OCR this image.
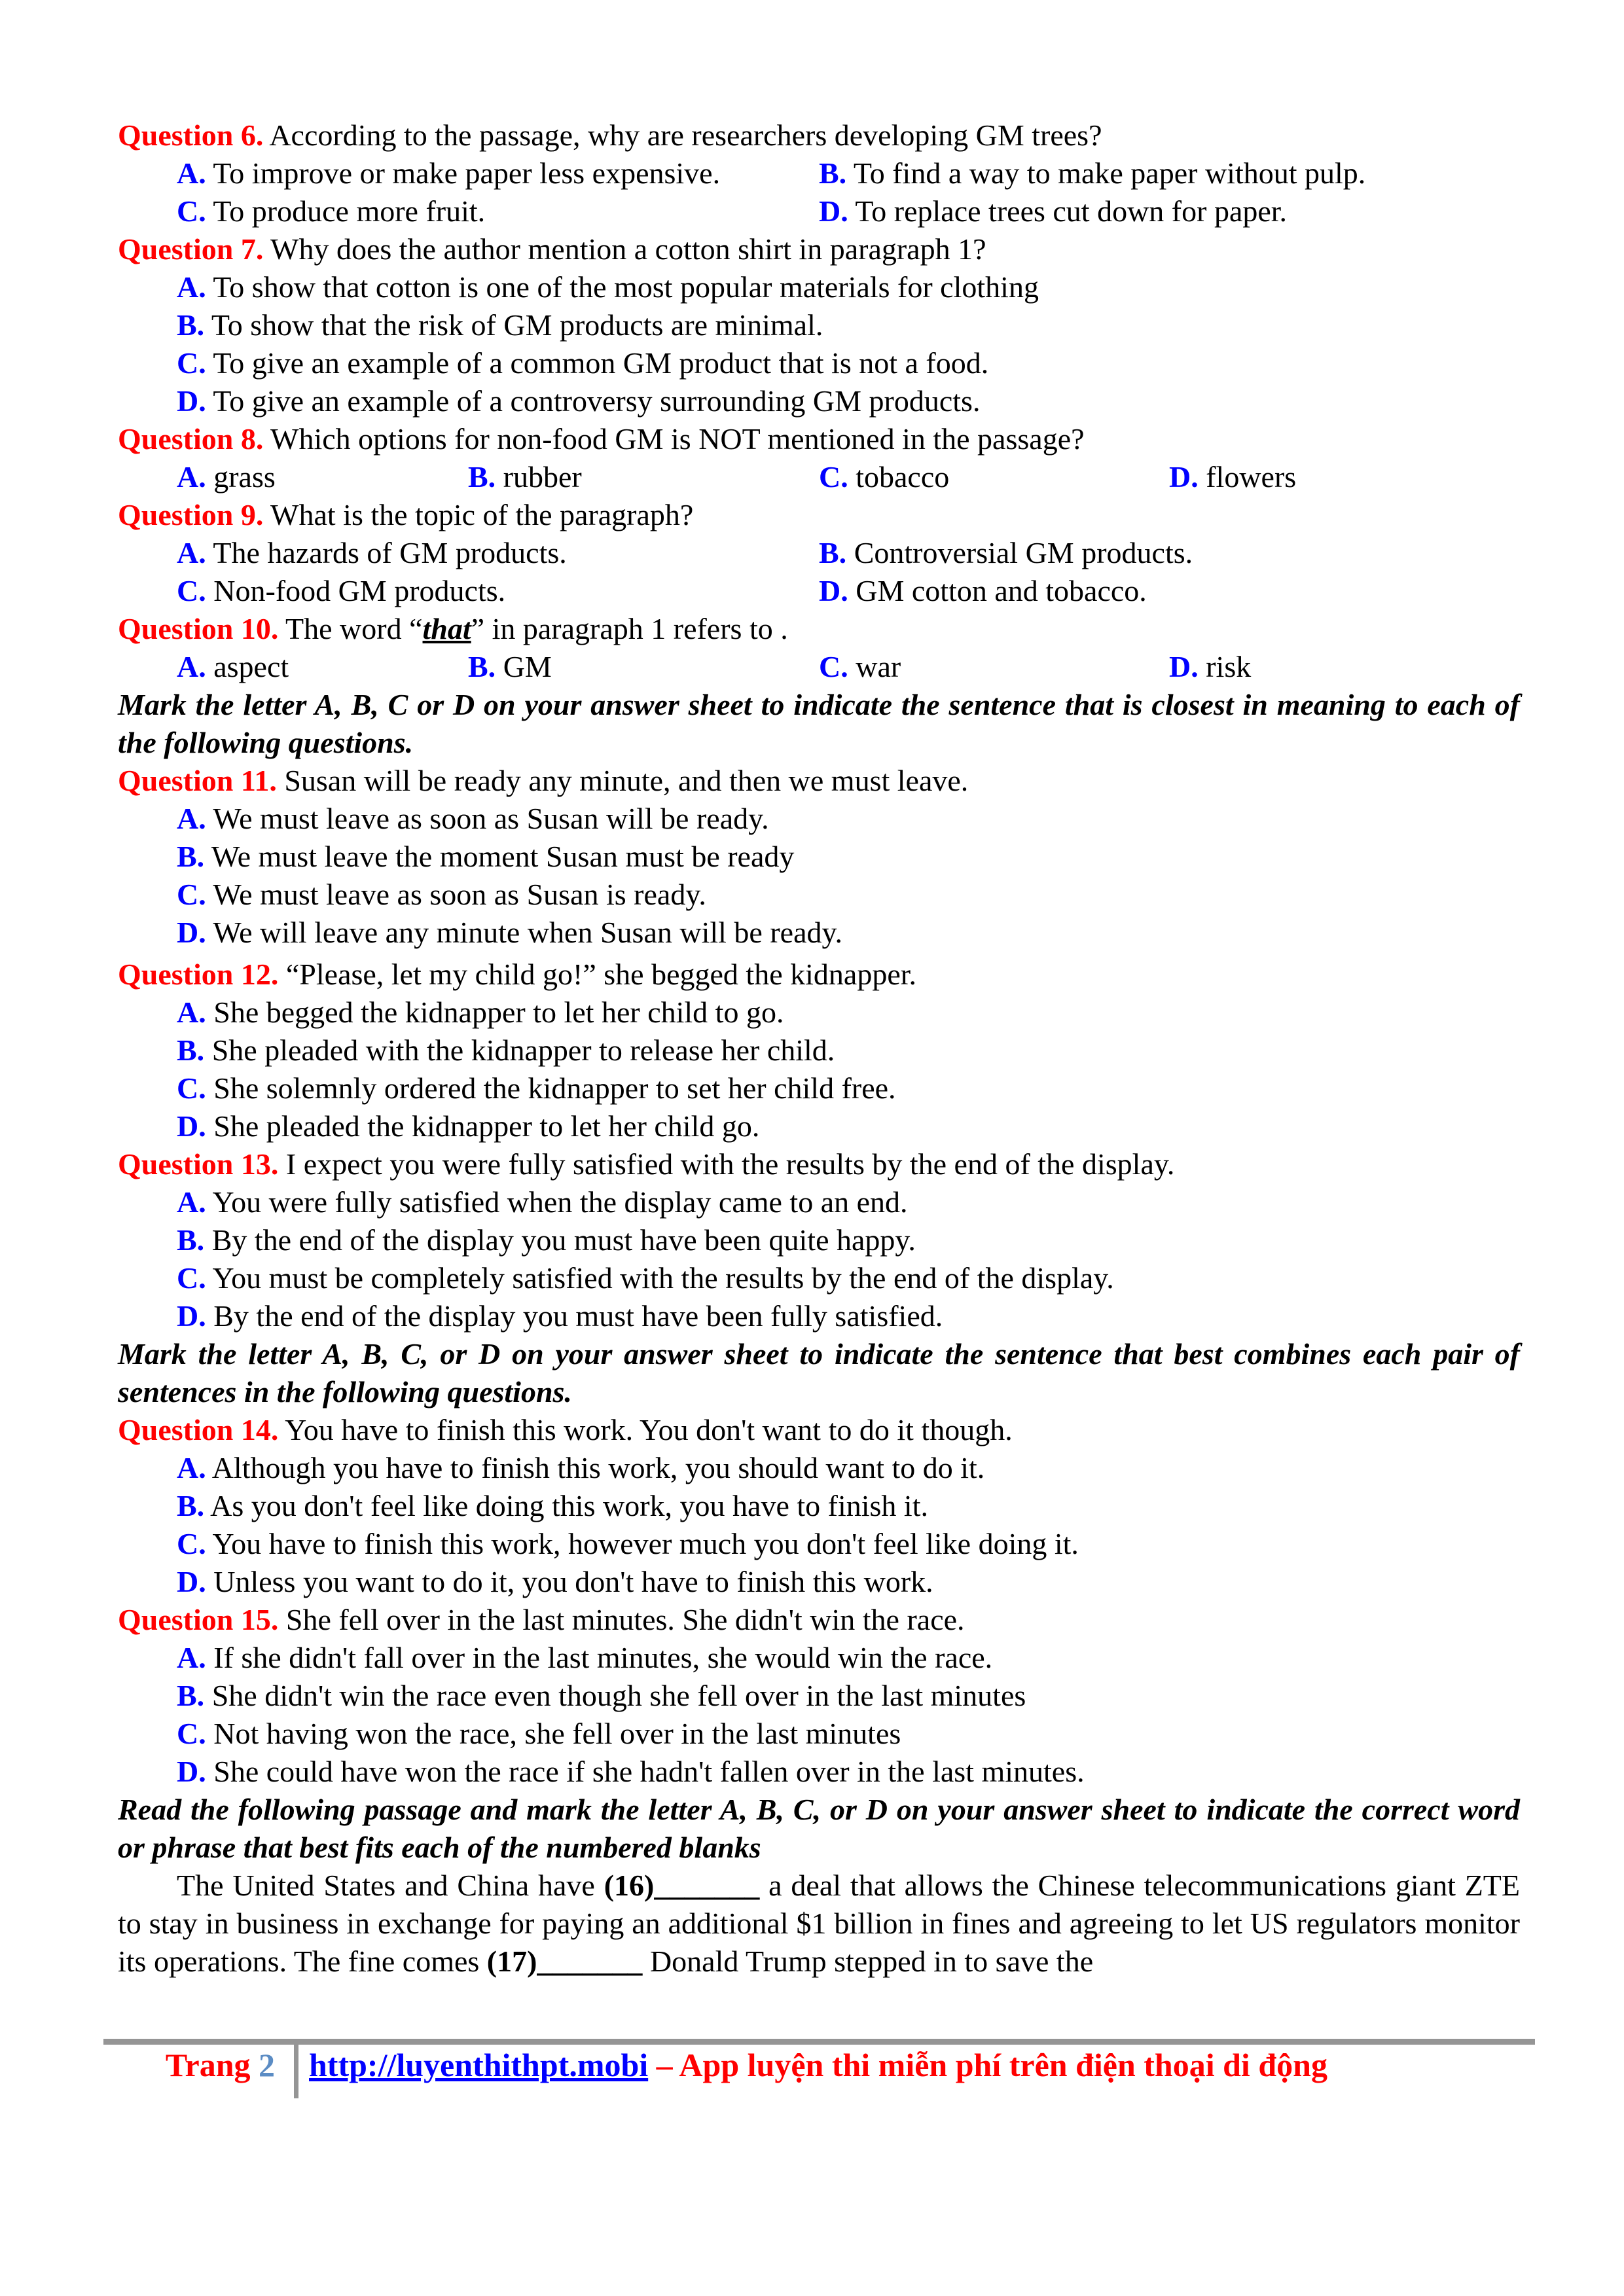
Question 6. According to the passage, why are researchers developing GM trees?
A. To improve or make paper less expensive.	B. To find a way to make paper without pulp.
C. To produce more fruit.	D. To replace trees cut down for paper.
Question 7. Why does the author mention a cotton shirt in paragraph 1?
A. To show that cotton is one of the most popular materials for clothing
B. To show that the risk of GM products are minimal.
C. To give an example of a common GM product that is not a food.
D. To give an example of a controversy surrounding GM products.
Question 8. Which options for non-food GM is NOT mentioned in the passage?
A. grass	B. rubber	C. tobacco	D. flowers
Question 9. What is the topic of the paragraph?
A. The hazards of GM products.	B. Controversial GM products.
C. Non-food GM products.	D. GM cotton and tobacco.
Question 10. The word “that” in paragraph 1 refers to .
A. aspect	B. GM	C. war	D. risk
Mark the letter A, B, C or D on your answer sheet to indicate the sentence that is closest in meaning to each of the following questions.
Question 11. Susan will be ready any minute, and then we must leave.
A. We must leave as soon as Susan will be ready.
B. We must leave the moment Susan must be ready
C. We must leave as soon as Susan is ready.
D. We will leave any minute when Susan will be ready.
Question 12. “Please, let my child go!” she begged the kidnapper.
A. She begged the kidnapper to let her child to go.
B. She pleaded with the kidnapper to release her child.
C. She solemnly ordered the kidnapper to set her child free.
D. She pleaded the kidnapper to let her child go.
Question 13. I expect you were fully satisfied with the results by the end of the display.
A. You were fully satisfied when the display came to an end.
B. By the end of the display you must have been quite happy.
C. You must be completely satisfied with the results by the end of the display.
D. By the end of the display you must have been fully satisfied.
Mark the letter A, B, C, or D on your answer sheet to indicate the sentence that best combines each pair of sentences in the following questions.
Question 14. You have to finish this work. You don't want to do it though.
A. Although you have to finish this work, you should want to do it.
B. As you don't feel like doing this work, you have to finish it.
C. You have to finish this work, however much you don't feel like doing it.
D. Unless you want to do it, you don't have to finish this work.
Question 15. She fell over in the last minutes. She didn't win the race.
A. If she didn't fall over in the last minutes, she would win the race.
B. She didn't win the race even though she fell over in the last minutes
C. Not having won the race, she fell over in the last minutes
D. She could have won the race if she hadn't fallen over in the last minutes.
Read the following passage and mark the letter A, B, C, or D on your answer sheet to indicate the correct word or phrase that best fits each of the numbered blanks
The United States and China have (16)_______ a deal that allows the Chinese telecommunications giant ZTE to stay in business in exchange for paying an additional $1 billion in fines and agreeing to let US regulators monitor its operations. The fine comes (17)_______ Donald Trump stepped in to save the
Trang 2 http://luyenthithpt.mobi – App luyện thi miễn phí trên điện thoại di động
